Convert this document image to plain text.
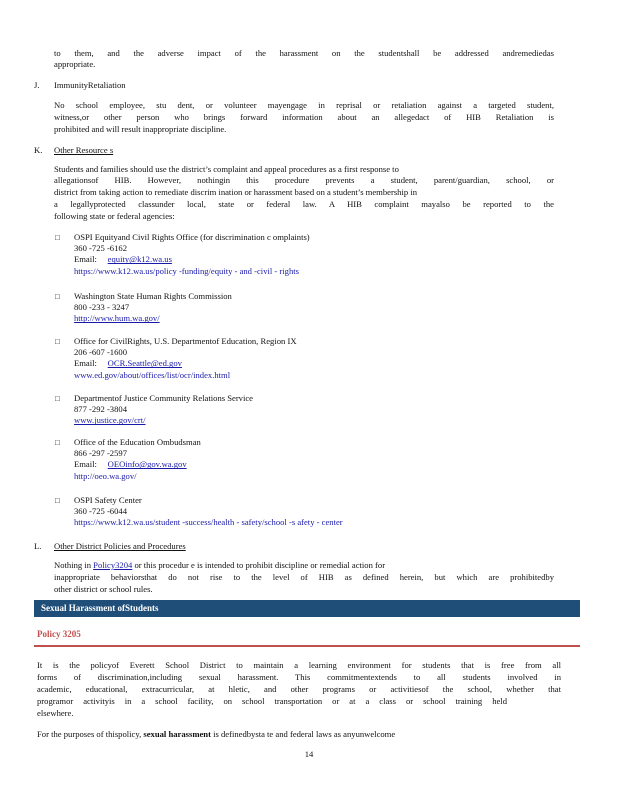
to them, and the adverse impact of the harassment on the studentshall be addressed andremediedas
appropriate.
J. ImmunityRetaliation
No school employee, stu dent, or volunteer mayengage in reprisal or retaliation against a targeted student,
witness,or other person who brings forward information about an allegedact of HIB Retaliation is
prohibited and will result inappropriate discipline.
K. Other Resource s
Students and families should use the district’s complaint and appeal procedures as a first response to
allegationsof HIB. However, nothingin this procedure prevents a student, parent/guardian, school, or
district from taking action to remediate discrim ination or harassment based on a student’s membership in
a legallyprotected classunder local, state or federal law. A HIB complaint mayalso be reported to the
following state or federal agencies:
□ OSPI Equityand Civil Rights Office (for discrimination c omplaints)
360 -725 -6162
Email: equity@k12.wa.us
https://www.k12.wa.us/policy -funding/equity - and -civil - rights
□ Washington State Human Rights Commission
800 -233 - 3247
http://www.hum.wa.gov/
□ Office for CivilRights, U.S. Departmentof Education, Region IX
206 -607 -1600
Email: OCR.Seattle@ed.gov
www.ed.gov/about/offices/list/ocr/index.html
□ Departmentof Justice Community Relations Service
877 -292 -3804
www.justice.gov/crt/
□ Office of the Education Ombudsman
866 -297 -2597
Email: OEOinfo@gov.wa.gov
http://oeo.wa.gov/
□ OSPI Safety Center
360 -725 -6044
https://www.k12.wa.us/student -success/health - safety/school -s afety - center
L. Other District Policies and Procedures
Nothing in Policy3204 or this procedur e is intended to prohibit discipline or remedial action for
inappropriate behaviorsthat do not rise to the level of HIB as defined herein, but which are prohibitedby
other district or school rules.
Sexual Harassment ofStudents
Policy 3205
It is the policyof Everett School District to maintain a learning environment for students that is free from all
forms of discrimination,including sexual harassment. This commitmentextends to all students involved in
academic, educational, extracurricular, at hletic, and other programs or activitiesof the school, whether that
programor activityis in a school facility, on school transportation or at a class or school training held
elsewhere.
For the purposes of thispolicy, sexual harassment is definedbysta te and federal laws as anyunwelcome
14
